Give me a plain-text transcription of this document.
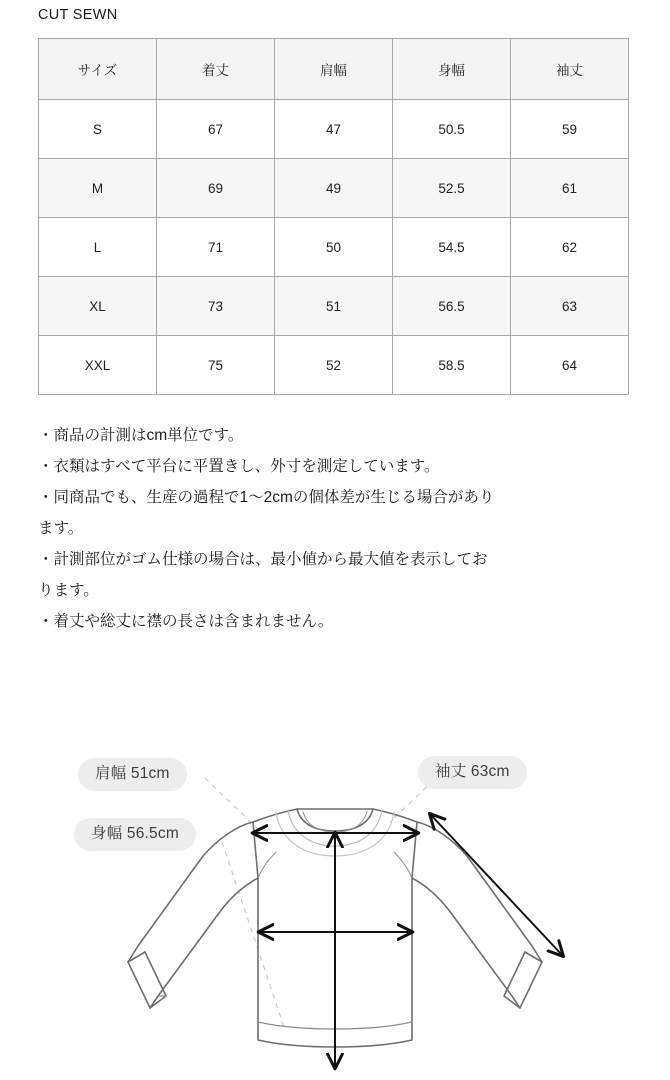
CUT SEWN
サイズ	着丈	肩幅	身幅	袖丈
S	67	47	50.5	59
M	69	49	52.5	61
L	71	50	54.5	62
XL	73	51	56.5	63
XXL	75	52	58.5	64
・商品の計測はcm単位です。
・衣類はすべて平台に平置きし、外寸を測定しています。
・同商品でも、生産の過程で1〜2cmの個体差が生じる場合があり
ます。
・計測部位がゴム仕様の場合は、最小値から最大値を表示してお
ります。
・着丈や総丈に襟の長さは含まれません。
肩幅 51cm
身幅 56.5cm
袖丈 63cm
